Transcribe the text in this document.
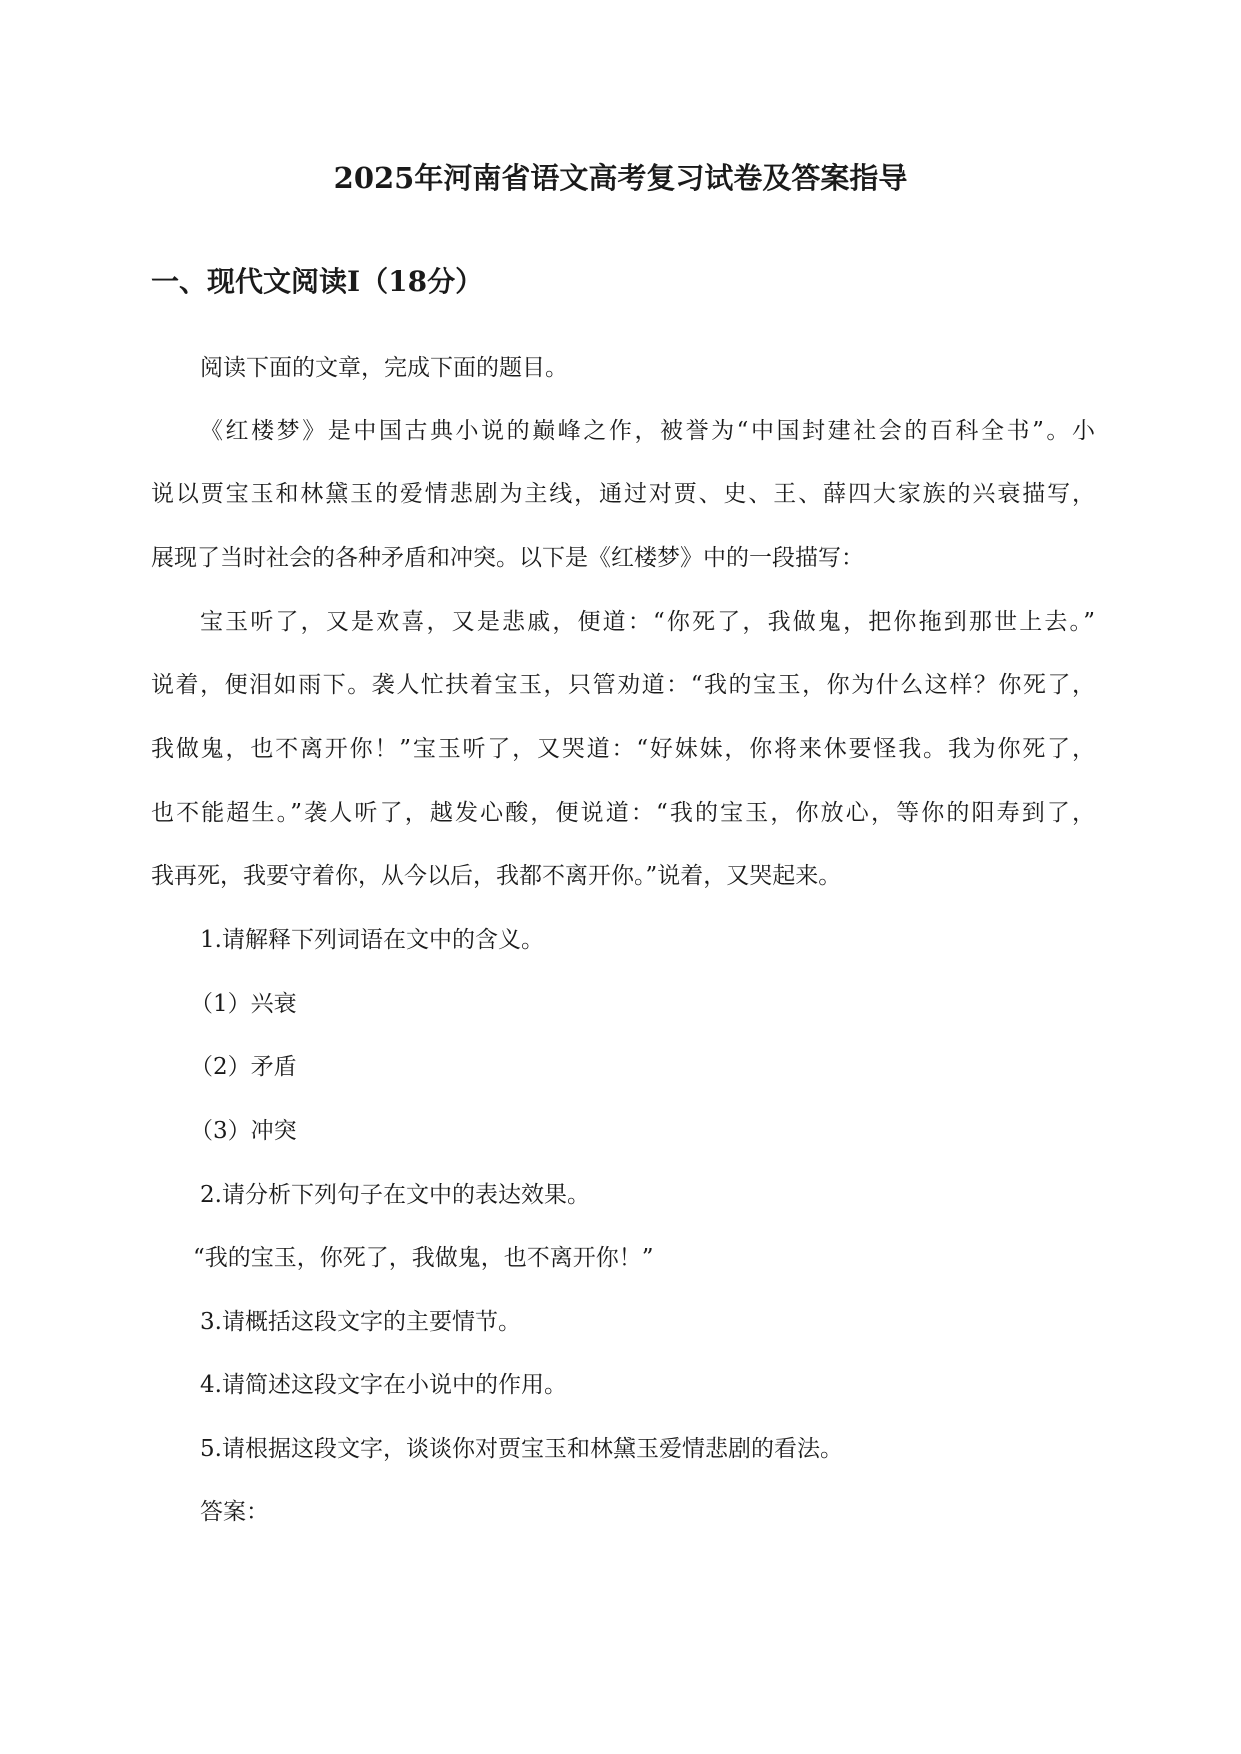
2025年河南省语文高考复习试卷及答案指导
一、现代文阅读Ⅰ（18分）

阅读下面的文章，完成下面的题目。

《红楼梦》是中国古典小说的巅峰之作，被誉为“中国封建社会的百科全书”。小

说以贾宝玉和林黛玉的爱情悲剧为主线，通过对贾、史、王、薛四大家族的兴衰描写，

展现了当时社会的各种矛盾和冲突。以下是《红楼梦》中的一段描写：

宝玉听了，又是欢喜，又是悲戚，便道：“你死了，我做鬼，把你拖到那世上去。”

说着，便泪如雨下。袭人忙扶着宝玉，只管劝道：“我的宝玉，你为什么这样？你死了，

我做鬼，也不离开你！”宝玉听了，又哭道：“好妹妹，你将来休要怪我。我为你死了，

也不能超生。”袭人听了，越发心酸，便说道：“我的宝玉，你放心，等你的阳寿到了，

我再死，我要守着你，从今以后，我都不离开你。”说着，又哭起来。

1.请解释下列词语在文中的含义。

（1）兴衰

（2）矛盾

（3）冲突

2.请分析下列句子在文中的表达效果。

“我的宝玉，你死了，我做鬼，也不离开你！”

3.请概括这段文字的主要情节。

4.请简述这段文字在小说中的作用。

5.请根据这段文字，谈谈你对贾宝玉和林黛玉爱情悲剧的看法。

答案：
